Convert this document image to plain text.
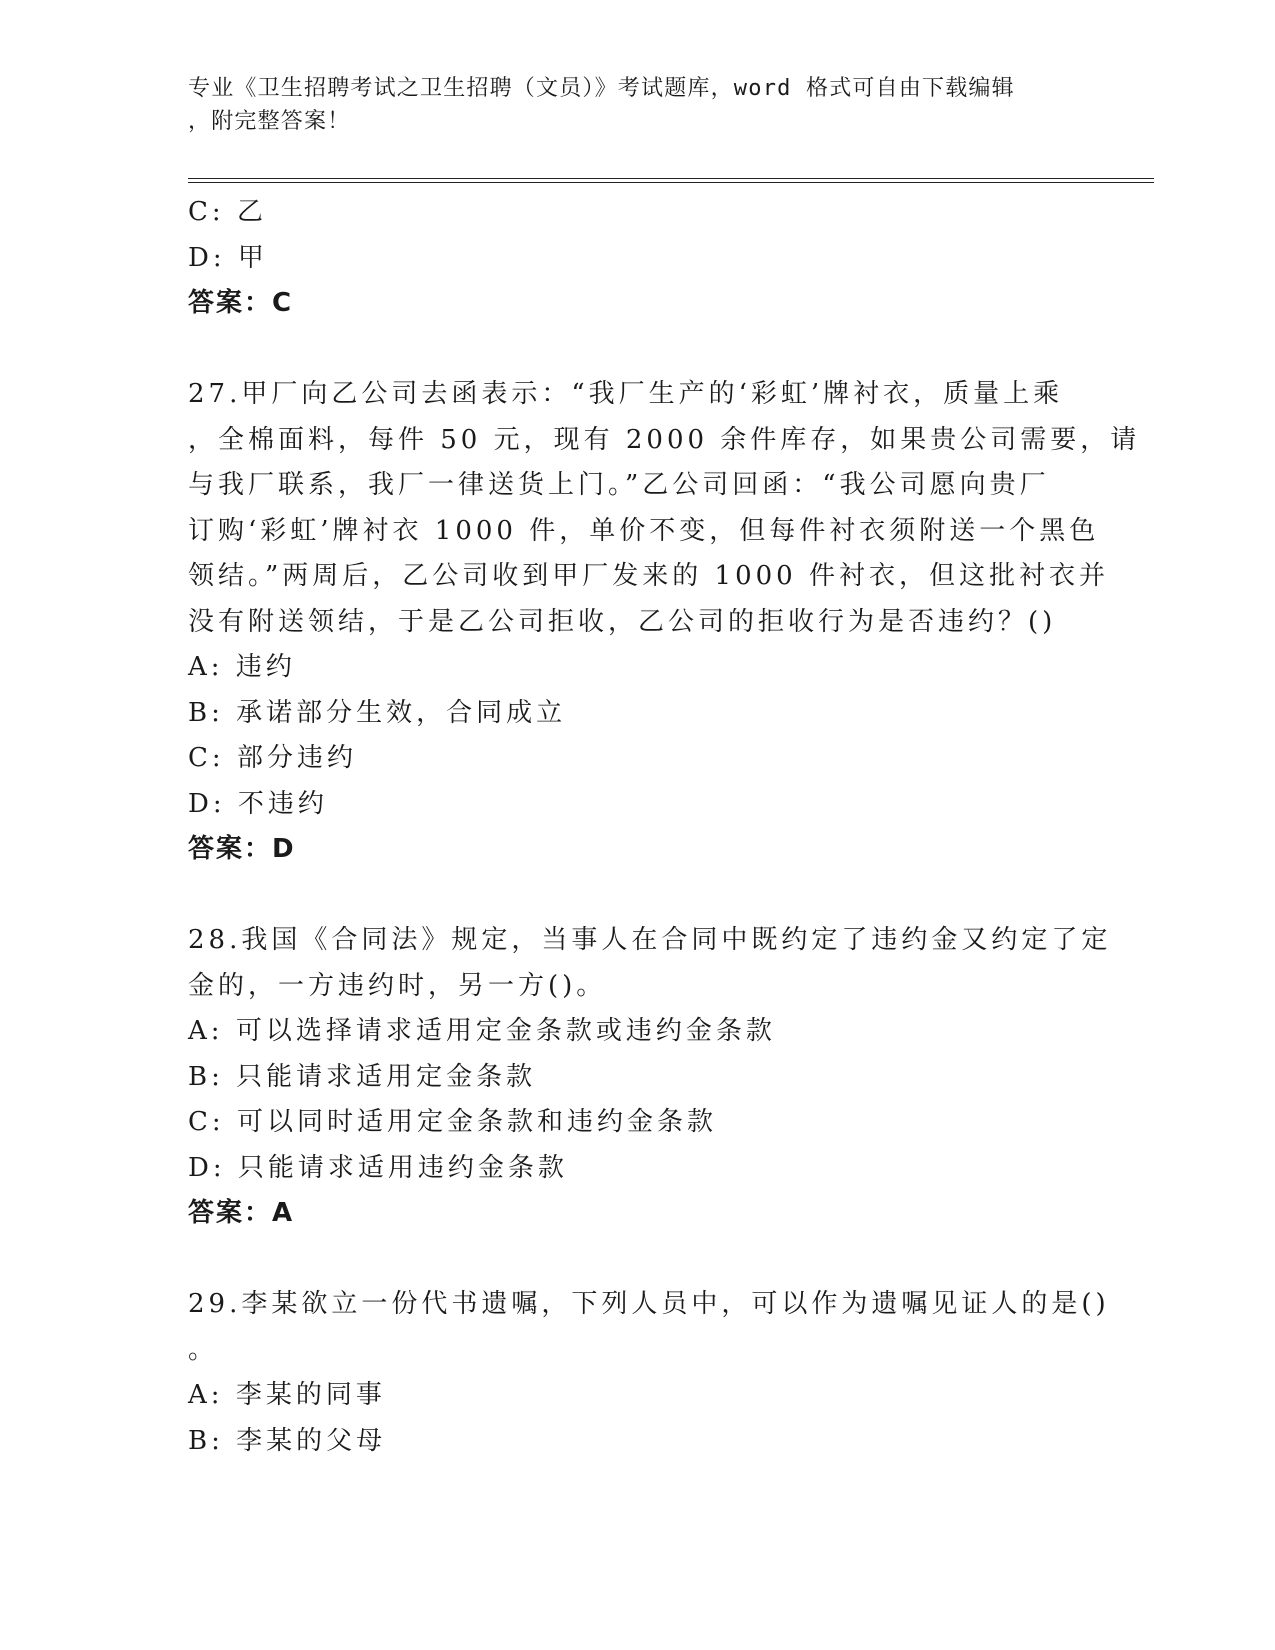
专业《卫生招聘考试之卫生招聘（文员）》考试题库，word 格式可自由下载编辑
，附完整答案！
C: 乙
D: 甲
答案：C
27.甲厂向乙公司去函表示：“我厂生产的‘彩虹’牌衬衣，质量上乘
，全棉面料，每件 50 元，现有 2000 余件库存，如果贵公司需要，请
与我厂联系，我厂一律送货上门。”乙公司回函：“我公司愿向贵厂
订购‘彩虹’牌衬衣 1000 件，单价不变，但每件衬衣须附送一个黑色
领结。”两周后，乙公司收到甲厂发来的 1000 件衬衣，但这批衬衣并
没有附送领结，于是乙公司拒收，乙公司的拒收行为是否违约？()
A: 违约
B: 承诺部分生效，合同成立
C: 部分违约
D: 不违约
答案：D
28.我国《合同法》规定，当事人在合同中既约定了违约金又约定了定
金的，一方违约时，另一方()。
A: 可以选择请求适用定金条款或违约金条款
B: 只能请求适用定金条款
C: 可以同时适用定金条款和违约金条款
D: 只能请求适用违约金条款
答案：A
29.李某欲立一份代书遗嘱，下列人员中，可以作为遗嘱见证人的是()
。
A: 李某的同事
B: 李某的父母
